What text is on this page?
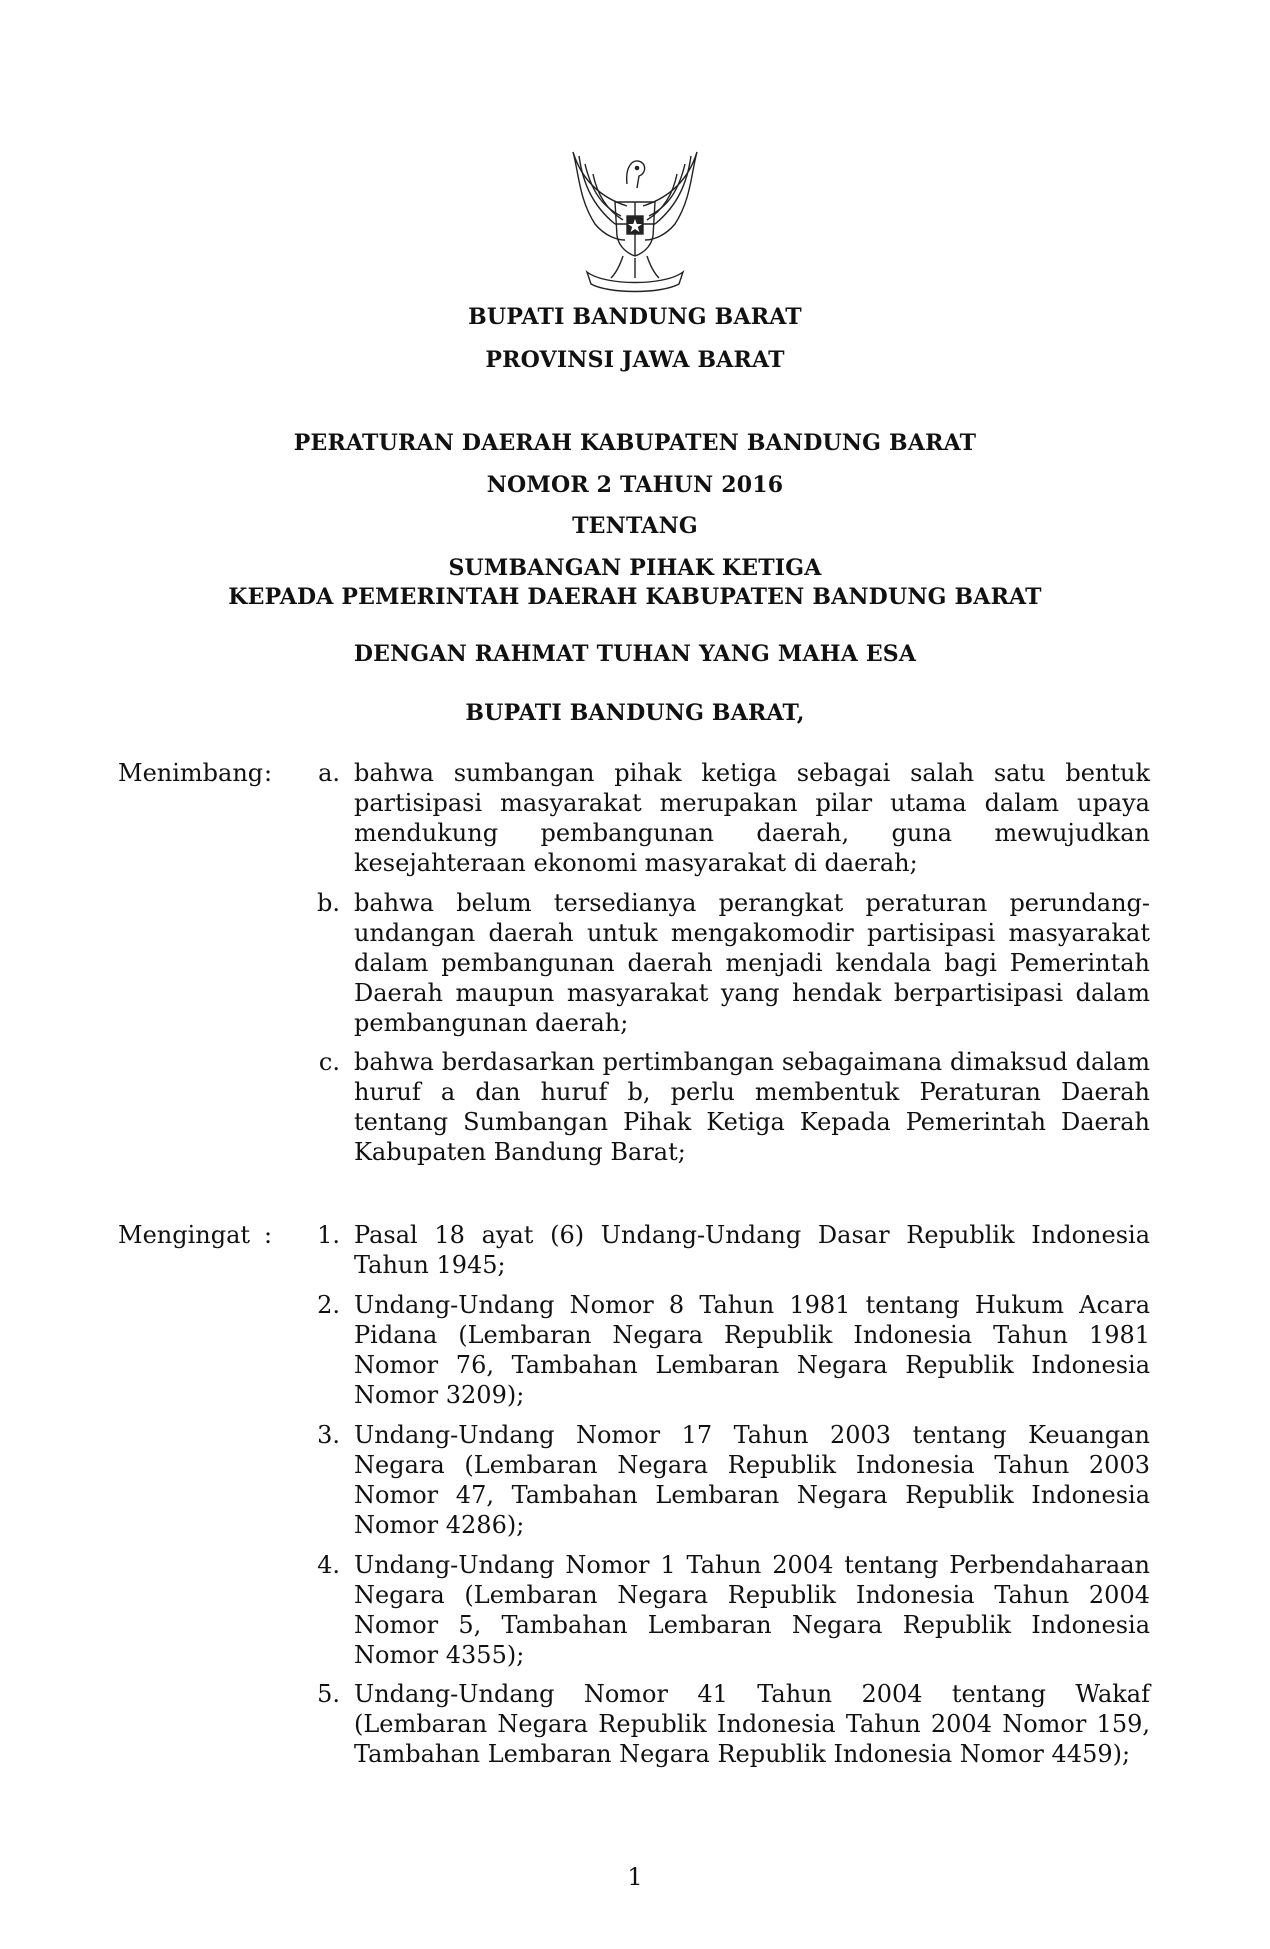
BUPATI BANDUNG BARAT
PROVINSI JAWA BARAT
PERATURAN DAERAH KABUPATEN BANDUNG BARAT
NOMOR 2 TAHUN 2016
TENTANG
SUMBANGAN PIHAK KETIGA
KEPADA PEMERINTAH DAERAH KABUPATEN BANDUNG BARAT
DENGAN RAHMAT TUHAN YANG MAHA ESA
BUPATI BANDUNG BARAT,
Menimbang :	a. bahwa sumbangan pihak ketiga sebagai salah satu bentuk partisipasi masyarakat merupakan pilar utama dalam upaya mendukung pembangunan daerah, guna mewujudkan kesejahteraan ekonomi masyarakat di daerah;
b. bahwa belum tersedianya perangkat peraturan perundang-undangan daerah untuk mengakomodir partisipasi masyarakat dalam pembangunan daerah menjadi kendala bagi Pemerintah Daerah maupun masyarakat yang hendak berpartisipasi dalam pembangunan daerah;
c. bahwa berdasarkan pertimbangan sebagaimana dimaksud dalam huruf a dan huruf b, perlu membentuk Peraturan Daerah tentang Sumbangan Pihak Ketiga Kepada Pemerintah Daerah Kabupaten Bandung Barat;
Mengingat :	1. Pasal 18 ayat (6) Undang-Undang Dasar Republik Indonesia Tahun 1945;
2. Undang-Undang Nomor 8 Tahun 1981 tentang Hukum Acara Pidana (Lembaran Negara Republik Indonesia Tahun 1981 Nomor 76, Tambahan Lembaran Negara Republik Indonesia Nomor 3209);
3. Undang-Undang Nomor 17 Tahun 2003 tentang Keuangan Negara (Lembaran Negara Republik Indonesia Tahun 2003 Nomor 47, Tambahan Lembaran Negara Republik Indonesia Nomor 4286);
4. Undang-Undang Nomor 1 Tahun 2004 tentang Perbendaharaan Negara (Lembaran Negara Republik Indonesia Tahun 2004 Nomor 5, Tambahan Lembaran Negara Republik Indonesia Nomor 4355);
5. Undang-Undang Nomor 41 Tahun 2004 tentang Wakaf (Lembaran Negara Republik Indonesia Tahun 2004 Nomor 159, Tambahan Lembaran Negara Republik Indonesia Nomor 4459);
1
